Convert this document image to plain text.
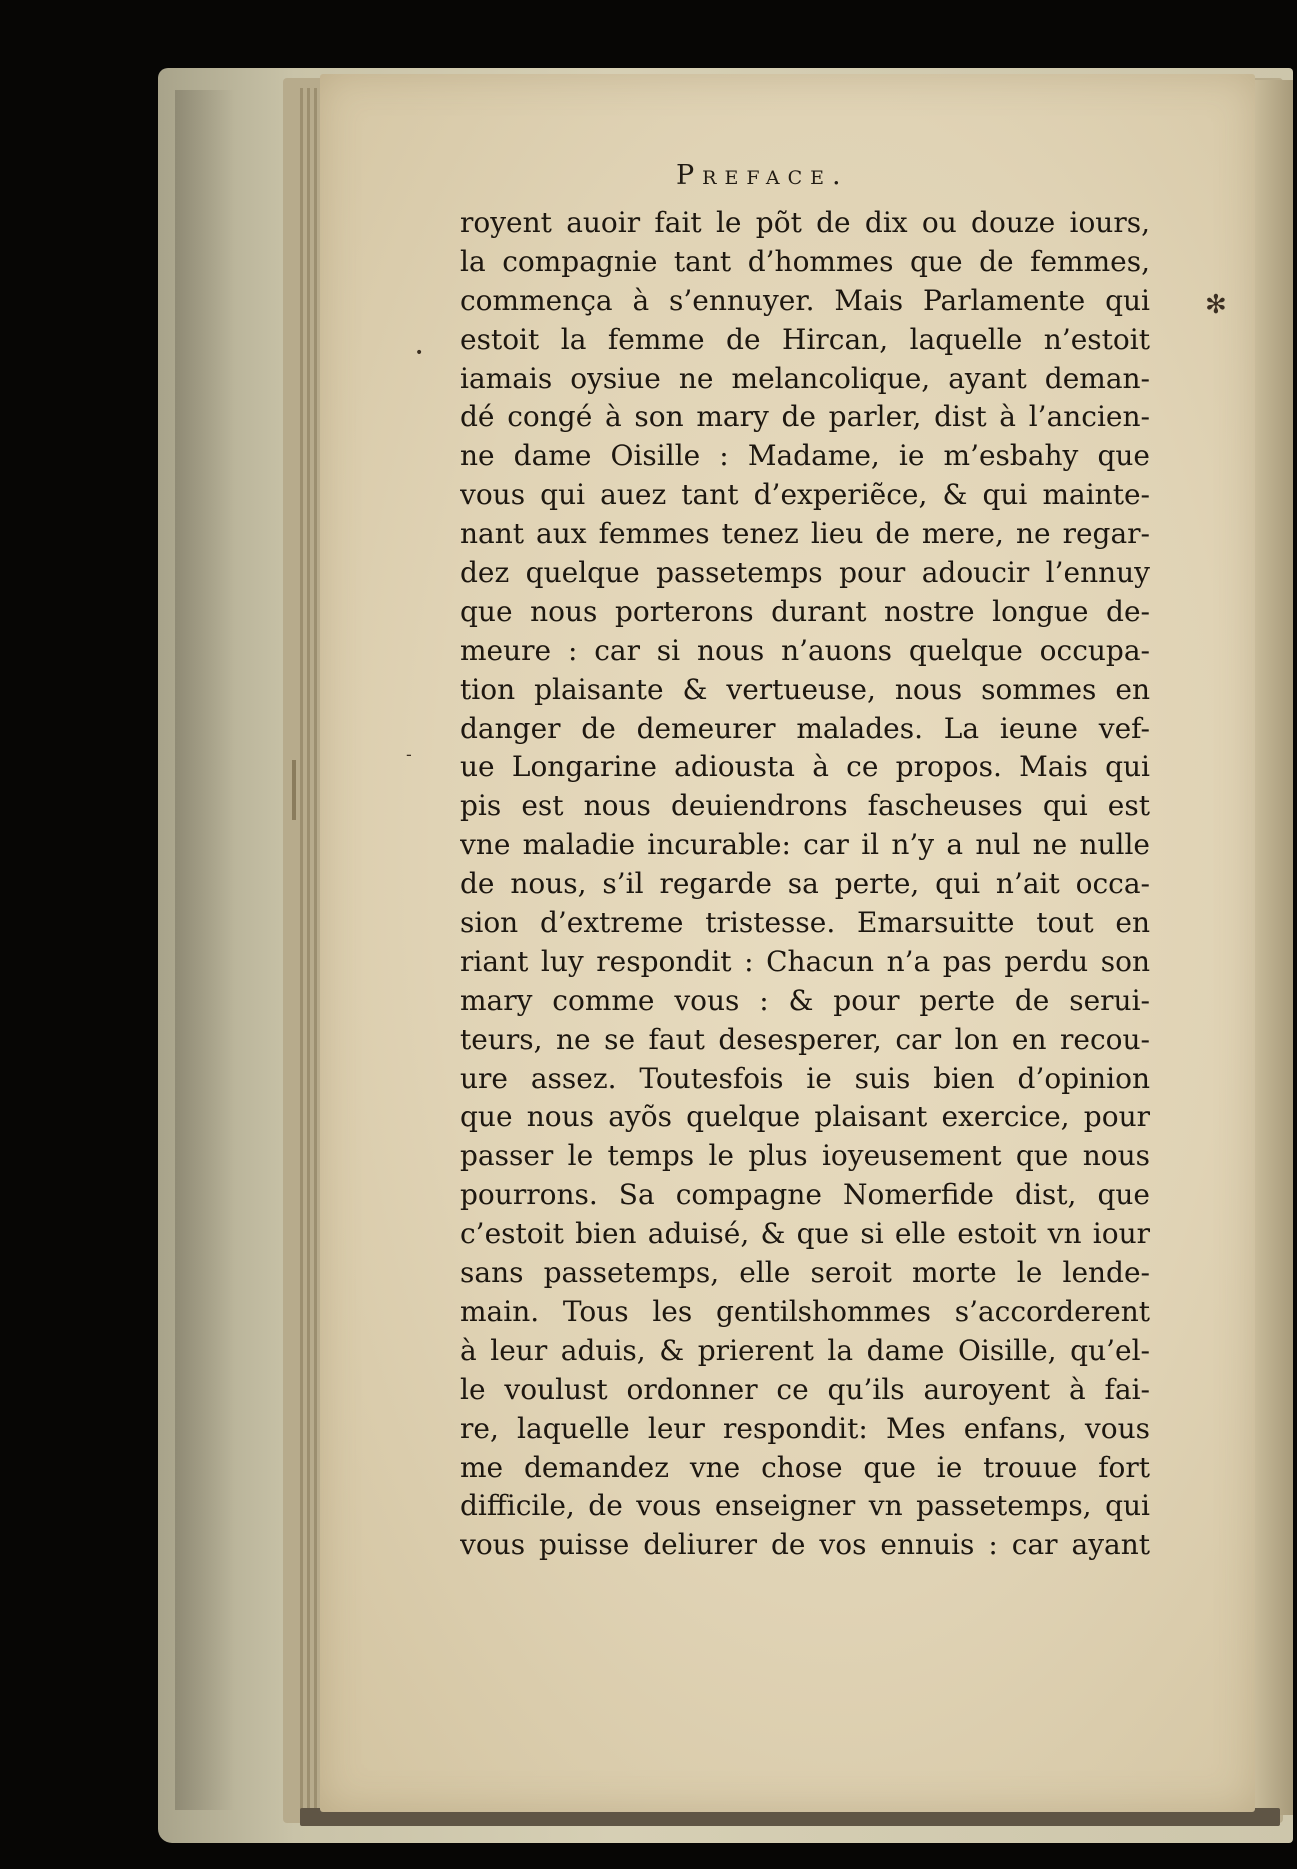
Preface.
royent auoir fait le põt de dix ou douze iours,
la compagnie tant d’hommes que de femmes,
commença à s’ennuyer. Mais Parlamente qui
estoit la femme de Hircan, laquelle n’estoit
iamais oysiue ne melancolique, ayant deman-
dé congé à son mary de parler, dist à l’ancien-
ne dame Oisille : Madame, ie m’esbahy que
vous qui auez tant d’experiẽce, & qui mainte-
nant aux femmes tenez lieu de mere, ne regar-
dez quelque passetemps pour adoucir l’ennuy
que nous porterons durant nostre longue de-
meure : car si nous n’auons quelque occupa-
tion plaisante & vertueuse, nous sommes en
danger de demeurer malades. La ieune vef-
ue Longarine adiousta à ce propos. Mais qui
pis est nous deuiendrons fascheuses qui est
vne maladie incurable: car il n’y a nul ne nulle
de nous, s’il regarde sa perte, qui n’ait occa-
sion d’extreme tristesse. Emarsuitte tout en
riant luy respondit : Chacun n’a pas perdu son
mary comme vous : & pour perte de serui-
teurs, ne se faut desesperer, car lon en recou-
ure assez. Toutesfois ie suis bien d’opinion
que nous ayõs quelque plaisant exercice, pour
passer le temps le plus ioyeusement que nous
pourrons. Sa compagne Nomerfide dist, que
c’estoit bien aduisé, & que si elle estoit vn iour
sans passetemps, elle seroit morte le lende-
main. Tous les gentilshommes s’accorderent
à leur aduis, & prierent la dame Oisille, qu’el-
le voulust ordonner ce qu’ils auroyent à fai-
re, laquelle leur respondit: Mes enfans, vous
me demandez vne chose que ie trouue fort
difficile, de vous enseigner vn passetemps, qui
vous puisse deliurer de vos ennuis : car ayant
✻
•
-
